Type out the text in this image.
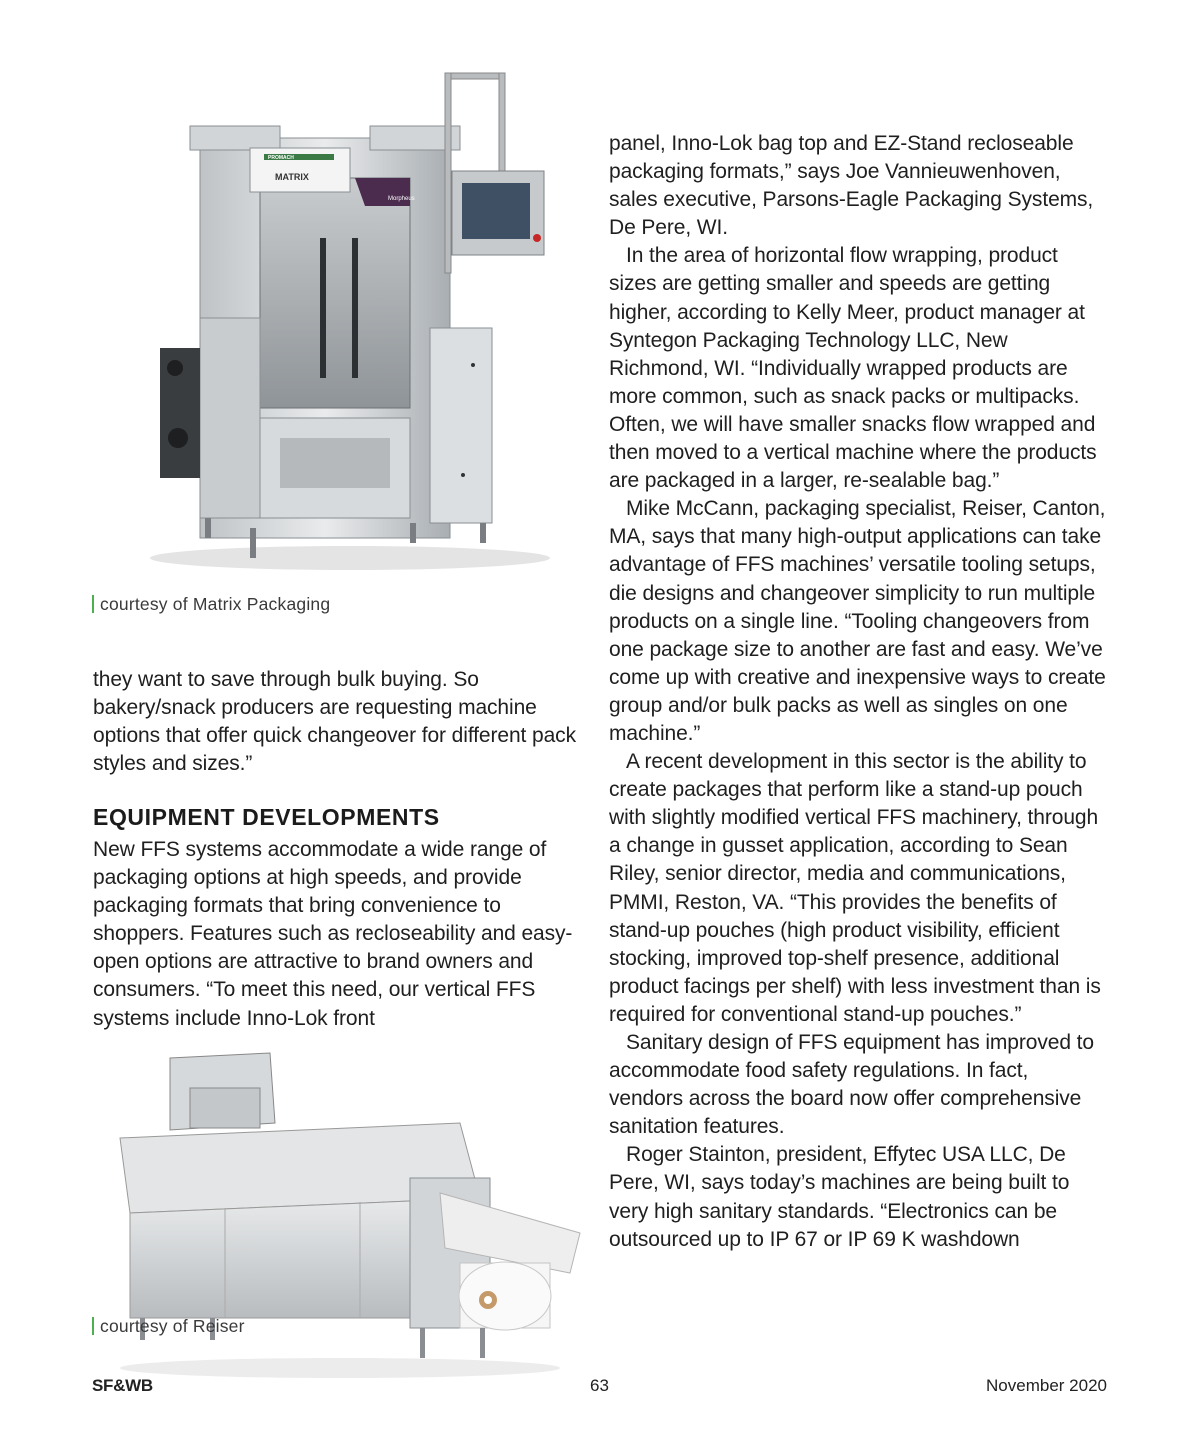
PROMACH
MATRIX
Morpheus
courtesy of Matrix Packaging

they want to save through bulk buying. So bakery/snack producers are requesting machine options that offer quick changeover for different pack styles and sizes.”

EQUIPMENT DEVELOPMENTS

New FFS systems accommodate a wide range of packaging options at high speeds, and provide packaging formats that bring convenience to shoppers. Features such as recloseability and easy-open options are attractive to brand owners and consumers. “To meet this need, our vertical FFS systems include Inno-Lok front

courtesy of Reiser

panel, Inno-Lok bag top and EZ-Stand recloseable packaging formats,” says Joe Vannieuwenhoven, sales executive, Parsons-Eagle Packaging Systems, De Pere, WI.

In the area of horizontal flow wrapping, product sizes are getting smaller and speeds are getting higher, according to Kelly Meer, product manager at Syntegon Packaging Technology LLC, New Richmond, WI. “Individually wrapped products are more common, such as snack packs or multipacks. Often, we will have smaller snacks flow wrapped and then moved to a vertical machine where the products are packaged in a larger, re-sealable bag.”

Mike McCann, packaging specialist, Reiser, Canton, MA, says that many high-output applications can take advantage of FFS machines’ versatile tooling setups, die designs and changeover simplicity to run multiple products on a single line. “Tooling changeovers from one package size to another are fast and easy. We’ve come up with creative and inexpensive ways to create group and/or bulk packs as well as singles on one machine.”

A recent development in this sector is the ability to create packages that perform like a stand-up pouch with slightly modified vertical FFS machinery, through a change in gusset application, according to Sean Riley, senior director, media and communications, PMMI, Reston, VA. “This provides the benefits of stand-up pouches (high product visibility, efficient stocking, improved top-shelf presence, additional product facings per shelf) with less investment than is required for conventional stand-up pouches.”

Sanitary design of FFS equipment has improved to accommodate food safety regulations. In fact, vendors across the board now offer comprehensive sanitation features.

Roger Stainton, president, Effytec USA LLC, De Pere, WI, says today’s machines are being built to very high sanitary standards. “Electronics can be outsourced up to IP 67 or IP 69 K washdown

SF&WB	63	November 2020
